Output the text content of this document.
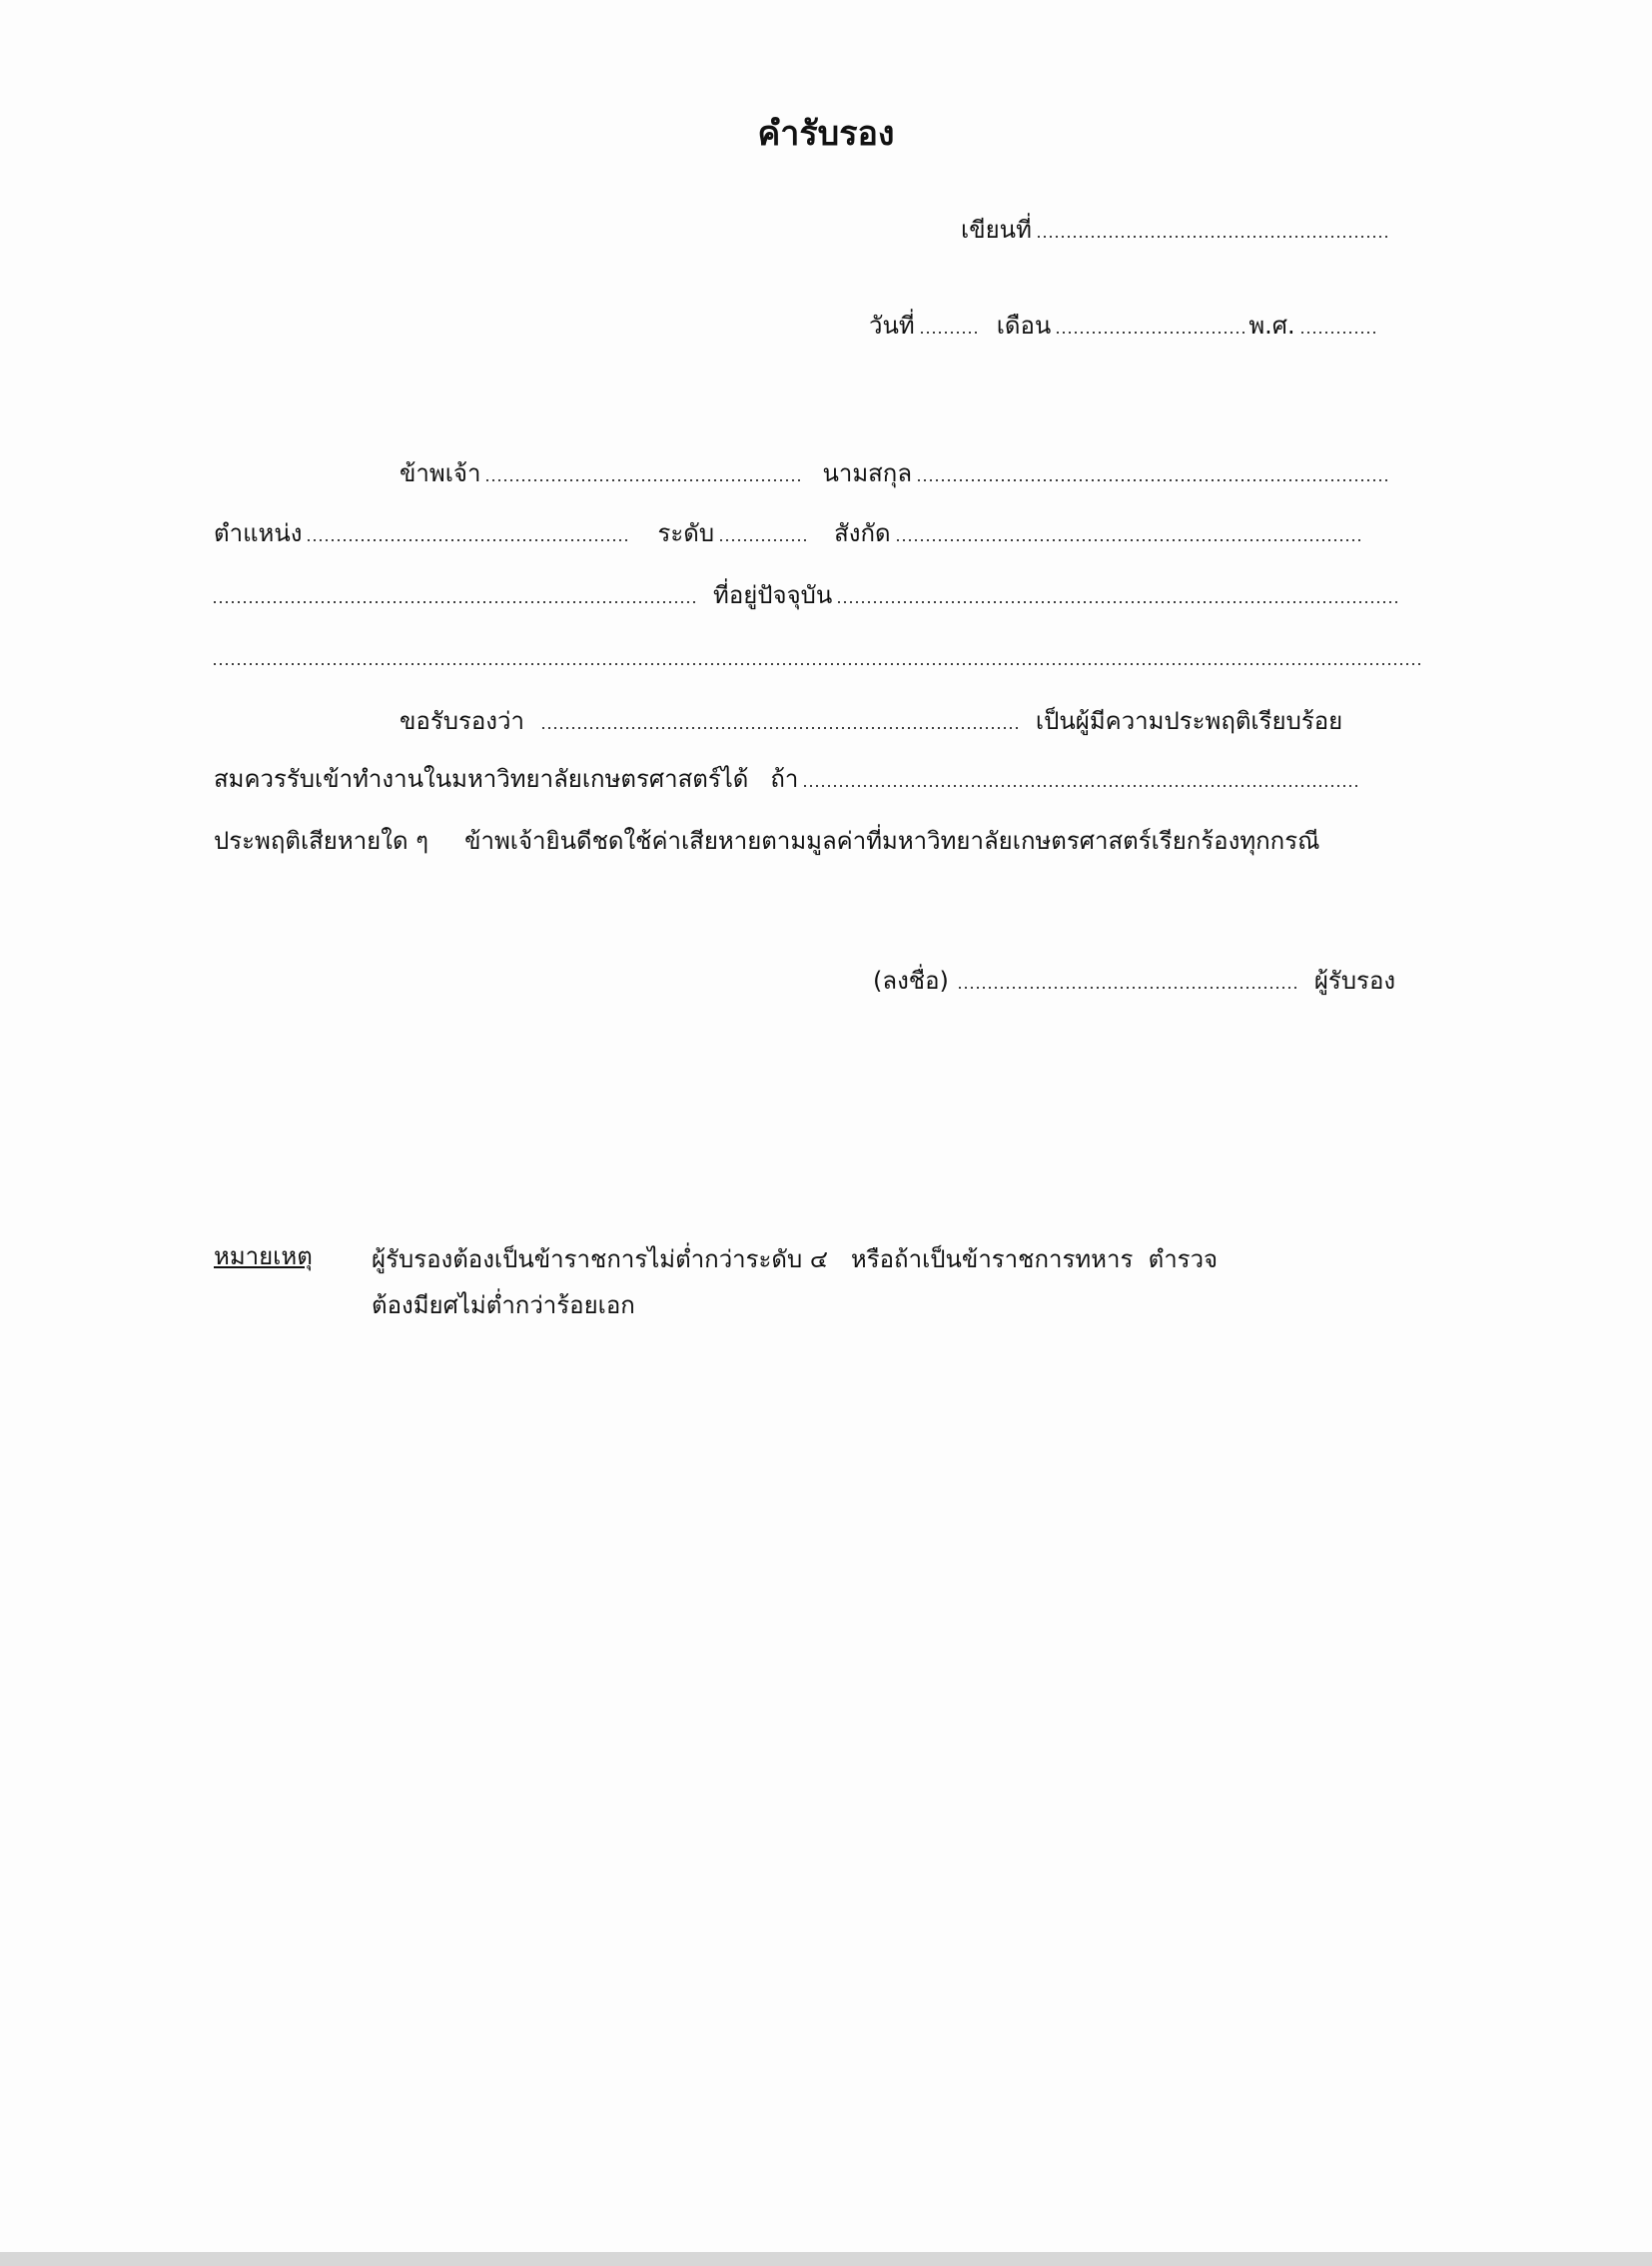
คำรับรอง
เขียนที่
วันที่	เดือน	พ.ศ.
ข้าพเจ้า	นามสกุล
ตำแหน่ง	ระดับ	สังกัด
ที่อยู่ปัจจุบัน
ขอรับรองว่า	เป็นผู้มีความประพฤติเรียบร้อย
สมควรรับเข้าทำงานในมหาวิทยาลัยเกษตรศาสตร์ได้ ถ้า
ประพฤติเสียหายใด ๆ ข้าพเจ้ายินดีชดใช้ค่าเสียหายตามมูลค่าที่มหาวิทยาลัยเกษตรศาสตร์เรียกร้องทุกกรณี
(ลงชื่อ)	ผู้รับรอง
หมายเหตุ ผู้รับรองต้องเป็นข้าราชการไม่ต่ำกว่าระดับ ๔   หรือถ้าเป็นข้าราชการทหาร  ตำรวจ
ต้องมียศไม่ต่ำกว่าร้อยเอก
